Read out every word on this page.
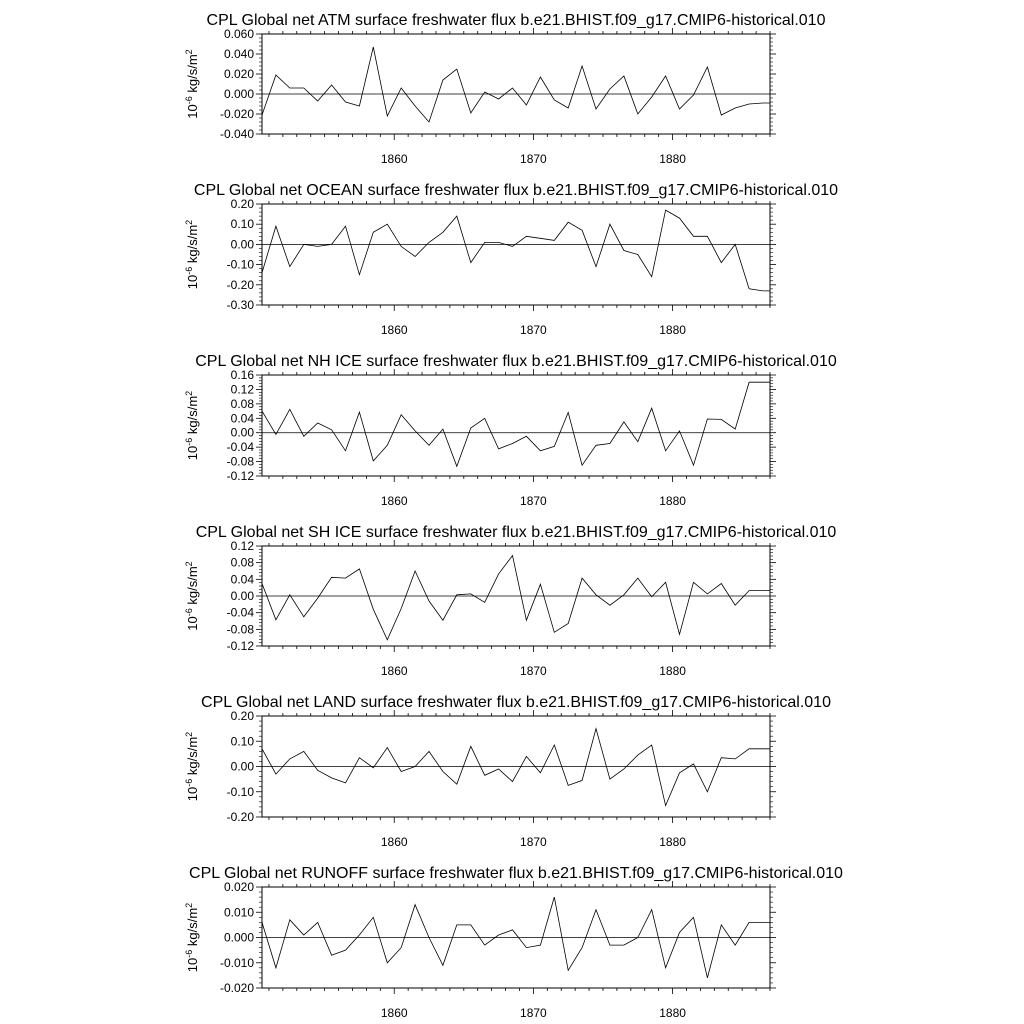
CPL Global net ATM surface freshwater flux b.e21.BHIST.f09_g17.CMIP6-historical.010
1860	1870	1880
-0.040
-0.020
0.000
0.020
0.040
0.060
$10^{-6}$ $kg/s/m^2$
CPL Global net OCEAN surface freshwater flux b.e21.BHIST.f09_g17.CMIP6-historical.010
1860	1870	1880
-0.30
-0.20
-0.10
0.00
0.10
0.20
$10^{-6}$ $kg/s/m^2$
CPL Global net NH ICE surface freshwater flux b.e21.BHIST.f09_g17.CMIP6-historical.010
1860	1870	1880
-0.12
-0.08
-0.04
0.00
0.04
0.08
0.12
0.16
$10^{-6}$ $kg/s/m^2$
CPL Global net SH ICE surface freshwater flux b.e21.BHIST.f09_g17.CMIP6-historical.010
1860	1870	1880
-0.12
-0.08
-0.04
0.00
0.04
0.08
0.12
$10^{-6}$ $kg/s/m^2$
CPL Global net LAND surface freshwater flux b.e21.BHIST.f09_g17.CMIP6-historical.010
1860	1870	1880
-0.20
-0.10
0.00
0.10
0.20
$10^{-6}$ $kg/s/m^2$
CPL Global net RUNOFF surface freshwater flux b.e21.BHIST.f09_g17.CMIP6-historical.010
1860	1870	1880
-0.020
-0.010
0.000
0.010
0.020
$10^{-6}$ $kg/s/m^2$
